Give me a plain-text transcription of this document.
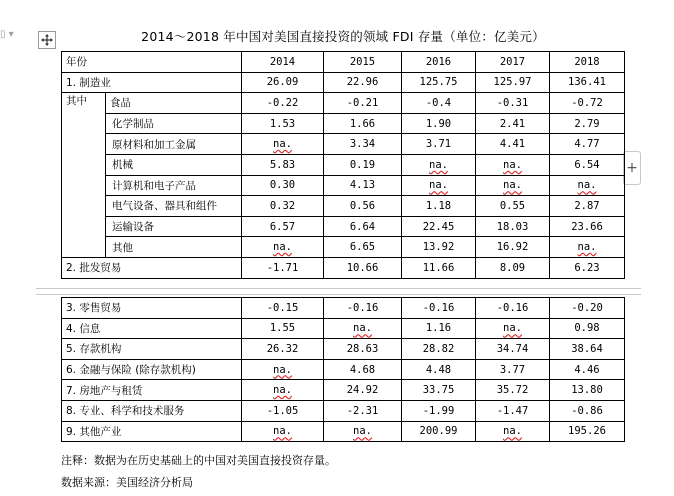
▯ ▾
+
2014～2018 年中国对美国直接投资的领域 FDI 存量（单位：亿美元）
年份		2014	2015	2016	2017	2018
1. 制造业		26.09	22.96	125.75	125.97	136.41
其中	食品	-0.22	-0.21	-0.4	-0.31	-0.72
	化学制品	1.53	1.66	1.90	2.41	2.79
	原材料和加工金属	na.	3.34	3.71	4.41	4.77
	机械	5.83	0.19	na.	na.	6.54
	计算机和电子产品	0.30	4.13	na.	na.	na.
	电气设备、器具和组件	0.32	0.56	1.18	0.55	2.87
	运输设备	6.57	6.64	22.45	18.03	23.66
	其他	na.	6.65	13.92	16.92	na.
2. 批发贸易		-1.71	10.66	11.66	8.09	6.23
3. 零售贸易	-0.15	-0.16	-0.16	-0.16	-0.20
4. 信息	1.55	na.	1.16	na.	0.98
5. 存款机构	26.32	28.63	28.82	34.74	38.64
6. 金融与保险 (除存款机构)	na.	4.68	4.48	3.77	4.46
7. 房地产与租赁	na.	24.92	33.75	35.72	13.80
8. 专业、科学和技术服务	-1.05	-2.31	-1.99	-1.47	-0.86
9. 其他产业	na.	na.	200.99	na.	195.26
注释：数据为在历史基础上的中国对美国直接投资存量。
数据来源：美国经济分析局
